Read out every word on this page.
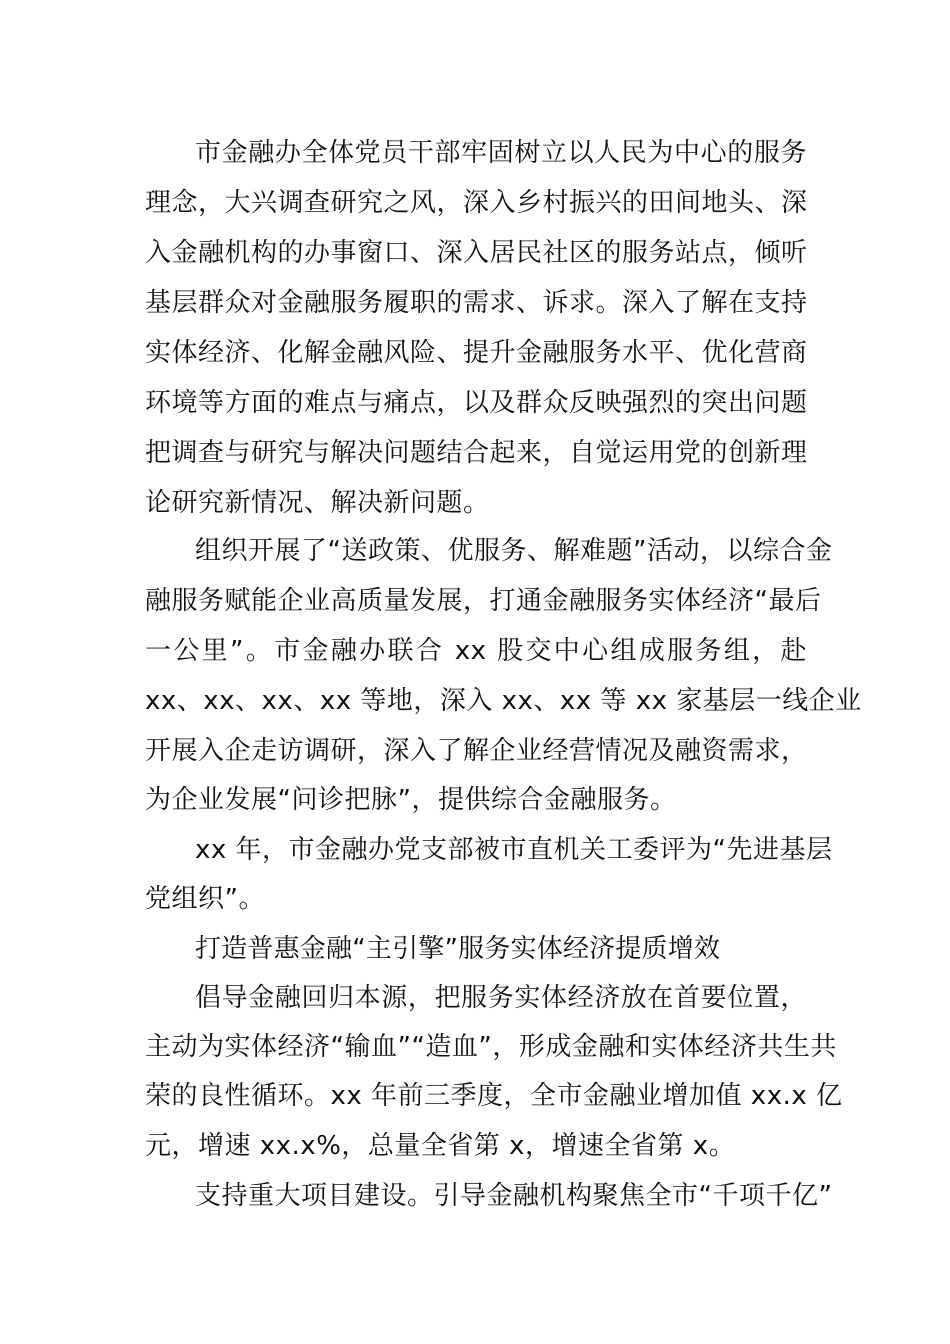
市金融办全体党员干部牢固树立以人民为中心的服务
理念，大兴调查研究之风，深入乡村振兴的田间地头、深
入金融机构的办事窗口、深入居民社区的服务站点，倾听
基层群众对金融服务履职的需求、诉求。深入了解在支持
实体经济、化解金融风险、提升金融服务水平、优化营商
环境等方面的难点与痛点，以及群众反映强烈的突出问题
把调查与研究与解决问题结合起来，自觉运用党的创新理
论研究新情况、解决新问题。
组织开展了“送政策、优服务、解难题”活动，以综合金
融服务赋能企业高质量发展，打通金融服务实体经济“最后
一公里”。市金融办联合 xx 股交中心组成服务组，赴
xx、xx、xx、xx 等地，深入 xx、xx 等 xx 家基层一线企业
开展入企走访调研，深入了解企业经营情况及融资需求，
为企业发展“问诊把脉”，提供综合金融服务。
xx 年，市金融办党支部被市直机关工委评为“先进基层
党组织”。
打造普惠金融“主引擎”服务实体经济提质增效
倡导金融回归本源，把服务实体经济放在首要位置，
主动为实体经济“输血”“造血”，形成金融和实体经济共生共
荣的良性循环。xx 年前三季度，全市金融业增加值 xx.x 亿
元，增速 xx.x%，总量全省第 x，增速全省第 x。
支持重大项目建设。引导金融机构聚焦全市“千项千亿”
